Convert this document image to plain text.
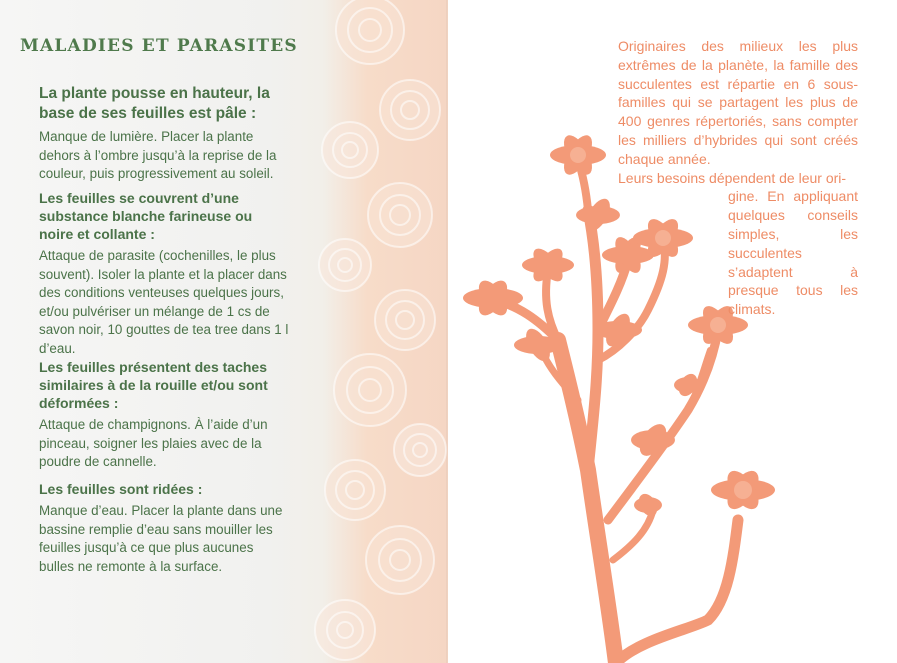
MALADIES ET PARASITES

La plante pousse en hauteur, la base de ses feuilles est pâle :

Manque de lumière. Placer la plante dehors à l’ombre jusqu’à la reprise de la couleur, puis progressivement au soleil.

Les feuilles se couvrent d’une substance blanche farineuse ou noire et collante :

Attaque de parasite (cochenilles, le plus souvent). Isoler la plante et la placer dans des conditions venteuses quelques jours, et/ou pulvériser un mélange de 1 cs de savon noir, 10 gouttes de tea tree dans 1 l d’eau.

Les feuilles présentent des taches similaires à de la rouille et/ou sont déformées :

Attaque de champignons. À l’aide d’un pinceau, soigner les plaies avec de la poudre de cannelle.

Les feuilles sont ridées :

Manque d’eau. Placer la plante dans une bassine remplie d’eau sans mouiller les feuilles jusqu’à ce que plus aucunes bulles ne remonte à la surface.

Originaires des milieux les plus extrêmes de la planète, la famille des succulentes est répartie en 6 sous-familles qui se partagent les plus de 400 genres répertoriés, sans compter les milliers d’hybrides qui sont créés chaque année.

Leurs besoins dépendent de leur ori-

gine. En appliquant quelques conseils simples, les succulentes s’adaptent à presque tous les climats.
